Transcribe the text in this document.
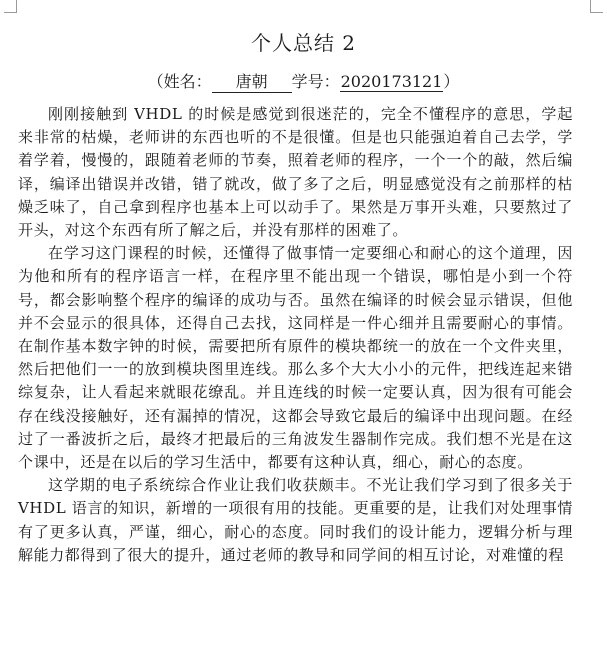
个人总结 2
（姓名： 唐朝 学号：2020173121）

刚刚接触到 VHDL 的时候是感觉到很迷茫的，完全不懂程序的意思，学起来非常的枯燥，老师讲的东西也听的不是很懂。但是也只能强迫着自己去学，学着学着，慢慢的，跟随着老师的节奏，照着老师的程序，一个一个的敲，然后编译，编译出错误并改错，错了就改，做了多了之后，明显感觉没有之前那样的枯燥乏味了，自己拿到程序也基本上可以动手了。果然是万事开头难，只要熬过了开头，对这个东西有所了解之后，并没有那样的困难了。

在学习这门课程的时候，还懂得了做事情一定要细心和耐心的这个道理，因为他和所有的程序语言一样，在程序里不能出现一个错误，哪怕是小到一个符号，都会影响整个程序的编译的成功与否。虽然在编译的时候会显示错误，但他并不会显示的很具体，还得自己去找，这同样是一件心细并且需要耐心的事情。在制作基本数字钟的时候，需要把所有原件的模块都统一的放在一个文件夹里，然后把他们一一的放到模块图里连线。那么多个大大小小的元件，把线连起来错综复杂，让人看起来就眼花缭乱。并且连线的时候一定要认真，因为很有可能会存在线没接触好，还有漏掉的情况，这都会导致它最后的编译中出现问题。在经过了一番波折之后，最终才把最后的三角波发生器制作完成。我们想不光是在这个课中，还是在以后的学习生活中，都要有这种认真，细心，耐心的态度。

这学期的电子系统综合作业让我们收获颇丰。不光让我们学习到了很多关于 VHDL 语言的知识，新增的一项很有用的技能。更重要的是，让我们对处理事情有了更多认真，严谨，细心，耐心的态度。同时我们的设计能力，逻辑分析与理解能力都得到了很大的提升，通过老师的教导和同学间的相互讨论，对难懂的程
